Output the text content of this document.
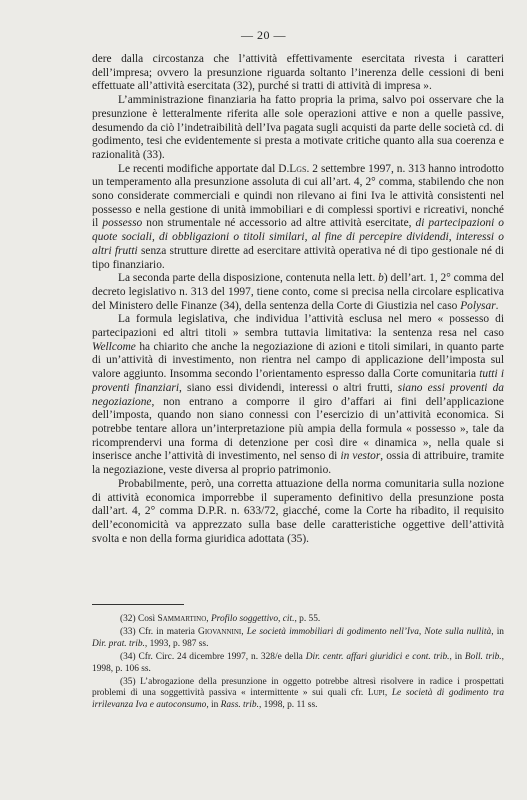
— 20 —

dere dalla circostanza che l’attività effettivamente esercitata rivesta i caratteri dell’impresa; ovvero la presunzione riguarda soltanto l’inerenza delle cessioni di beni effettuate all’attività esercitata (32), purché si tratti di attività di impresa ».

L’amministrazione finanziaria ha fatto propria la prima, salvo poi osservare che la presunzione è letteralmente riferita alle sole operazioni attive e non a quelle passive, desumendo da ciò l’indetraibilità dell’Iva pagata sugli acquisti da parte delle società cd. di godimento, tesi che evidentemente si presta a motivate critiche quanto alla sua coerenza e razionalità (33).

Le recenti modifiche apportate dal D.Lgs. 2 settembre 1997, n. 313 hanno introdotto un temperamento alla presunzione assoluta di cui all’art. 4, 2° comma, stabilendo che non sono considerate commerciali e quindi non rilevano ai fini Iva le attività consistenti nel possesso e nella gestione di unità immobiliari e di complessi sportivi e ricreativi, nonché il possesso non strumentale né accessorio ad altre attività esercitate, di partecipazioni o quote sociali, di obbligazioni o titoli similari, al fine di percepire dividendi, interessi o altri frutti senza strutture dirette ad esercitare attività operativa né di tipo gestionale né di tipo finanziario.

La seconda parte della disposizione, contenuta nella lett. b) dell’art. 1, 2° comma del decreto legislativo n. 313 del 1997, tiene conto, come si precisa nella circolare esplicativa del Ministero delle Finanze (34), della sentenza della Corte di Giustizia nel caso Polysar.

La formula legislativa, che individua l’attività esclusa nel mero « possesso di partecipazioni ed altri titoli » sembra tuttavia limitativa: la sentenza resa nel caso Wellcome ha chiarito che anche la negoziazione di azioni e titoli similari, in quanto parte di un’attività di investimento, non rientra nel campo di applicazione dell’imposta sul valore aggiunto. Insomma secondo l’orientamento espresso dalla Corte comunitaria tutti i proventi finanziari, siano essi dividendi, interessi o altri frutti, siano essi proventi da negoziazione, non entrano a comporre il giro d’affari ai fini dell’applicazione dell’imposta, quando non siano connessi con l’esercizio di un’attività economica. Si potrebbe tentare allora un’interpretazione più ampia della formula « possesso », tale da ricomprendervi una forma di detenzione per così dire « dinamica », nella quale si inserisce anche l’attività di investimento, nel senso di in vestor, ossia di attribuire, tramite la negoziazione, veste diversa al proprio patrimonio.

Probabilmente, però, una corretta attuazione della norma comunitaria sulla nozione di attività economica imporrebbe il superamento definitivo della presunzione posta dall’art. 4, 2° comma D.P.R. n. 633/72, giacché, come la Corte ha ribadito, il requisito dell’economicità va apprezzato sulla base delle caratteristiche oggettive dell’attività svolta e non della forma giuridica adottata (35).

(32) Così Sammartino, Profilo soggettivo, cit., p. 55.

(33) Cfr. in materia Giovannini, Le società immobiliari di godimento nell’Iva, Note sulla nullità, in Dir. prat. trib., 1993, p. 987 ss.

(34) Cfr. Circ. 24 dicembre 1997, n. 328/e della Dir. centr. affari giuridici e cont. trib., in Boll. trib., 1998, p. 106 ss.

(35) L’abrogazione della presunzione in oggetto potrebbe altresì risolvere in radice i prospettati problemi di una soggettività passiva « intermittente » sui quali cfr. Lupi, Le società di godimento tra irrilevanza Iva e autoconsumo, in Rass. trib., 1998, p. 11 ss.
